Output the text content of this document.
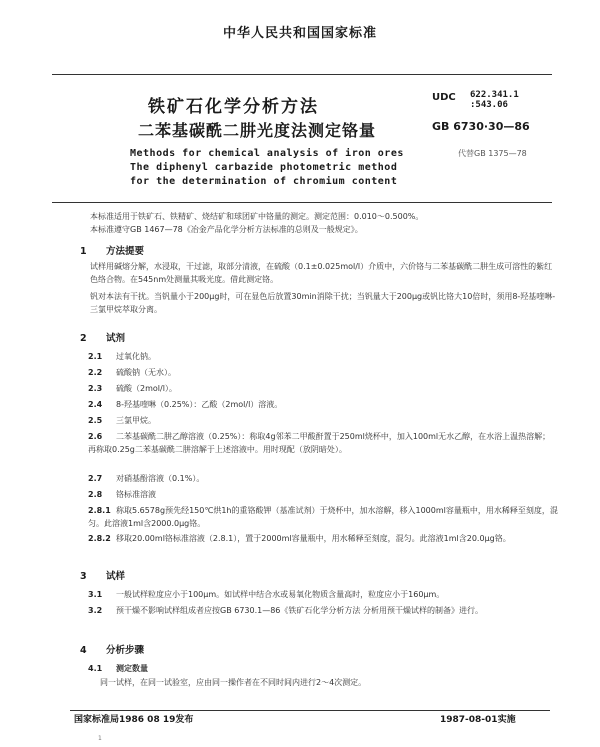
中华人民共和国国家标准
铁矿石化学分析方法
二苯基碳酰二肼光度法测定铬量
UDC 622.341.1
:543.06
GB 6730·30—86
代替GB 1375—78
Methods for chemical analysis of iron ores
The diphenyl carbazide photometric method
for the determination of chromium content
本标准适用于铁矿石、铁精矿、烧结矿和球团矿中铬量的测定。测定范围：0.010～0.500%。
本标准遵守GB 1467—78《冶金产品化学分析方法标准的总则及一般规定》。
1 方法提要
试样用碱熔分解，水浸取，干过滤，取部分清液，在硫酸（0.1±0.025mol/l）介质中，六价铬与二苯基碳酰二肼生成可溶性的紫红色络合物。在545nm处测量其吸光度。借此测定铬。
钒对本法有干扰。当钒量小于200μg时，可在显色后放置30min消除干扰；当钒量大于200μg或钒比铬大10倍时，须用8-羟基喹啉-三氯甲烷萃取分离。
2 试剂
2.1 过氧化钠。
2.2 硫酸钠（无水）。
2.3 硫酸（2mol/l）。
2.4 8-羟基喹啉（0.25%）：乙酸（2mol/l）溶液。
2.5 三氯甲烷。
2.6 二苯基碳酰二肼乙醇溶液（0.25%）：称取4g邻苯二甲酸酐置于250ml烧杯中，加入100ml无水乙醇，在水浴上温热溶解；再称取0.25g二苯基碳酰二肼溶解于上述溶液中。用时现配（放阴暗处）。
2.7 对硝基酚溶液（0.1%）。
2.8 铬标准溶液
2.8.1 称取5.6578g预先经150℃烘1h的重铬酸钾（基准试剂）于烧杯中，加水溶解，移入1000ml容量瓶中，用水稀释至刻度，混匀。此溶液1ml含2000.0μg铬。
2.8.2 移取20.00ml铬标准溶液（2.8.1），置于2000ml容量瓶中，用水稀释至刻度，混匀。此溶液1ml含20.0μg铬。
3 试样
3.1 一般试样粒度应小于100μm。如试样中结合水或易氧化物质含量高时，粒度应小于160μm。
3.2 预干燥不影响试样组成者应按GB 6730.1—86《铁矿石化学分析方法 分析用预干燥试样的制备》进行。
4 分析步骤
4.1 测定数量
同一试样，在同一试验室，应由同一操作者在不同时间内进行2～4次测定。
国家标准局1986 08 19发布	1987-08-01实施
1
